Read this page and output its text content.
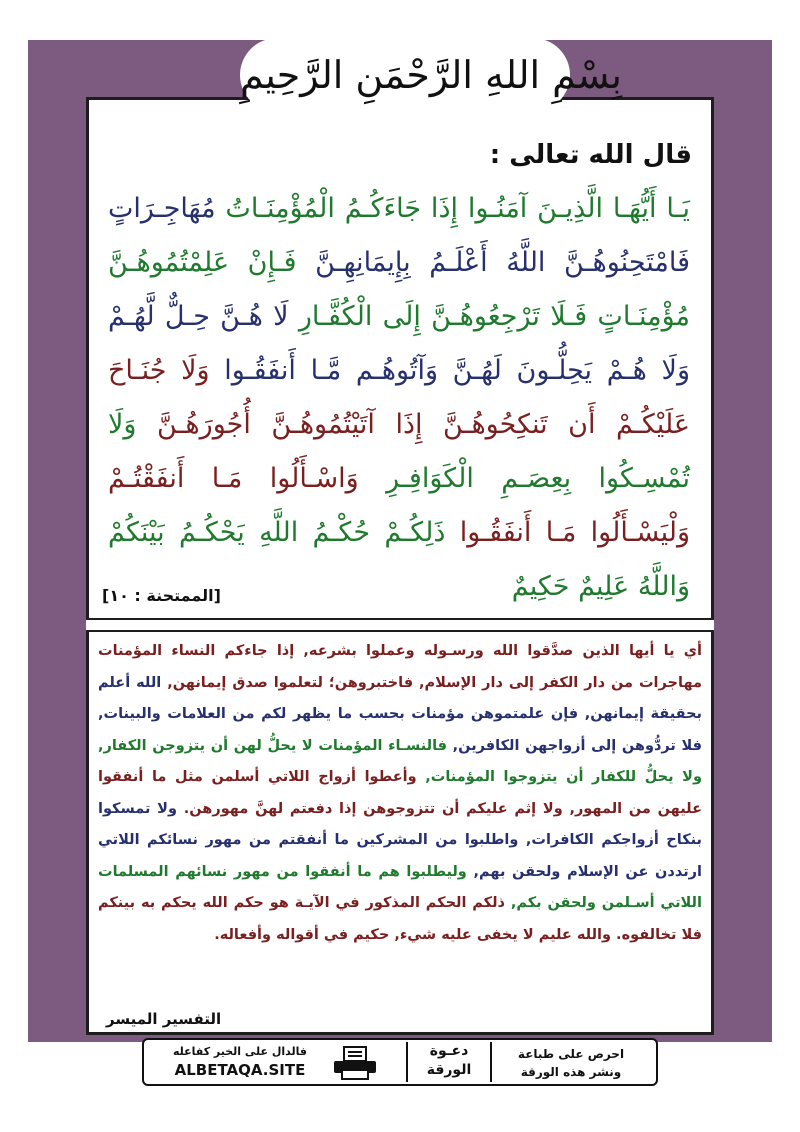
بِسْمِ اللهِ الرَّحْمَنِ الرَّحِيمِ
قال الله تعالى :
يَـا أَيُّهَـا الَّذِيـنَ آمَنُـوا إِذَا جَاءَكُـمُ الْمُؤْمِنَـاتُ مُهَاجِـرَاتٍ فَامْتَحِنُوهُـنَّ اللَّهُ أَعْلَـمُ بِإِيمَانِهِـنَّ فَـإِنْ عَلِمْتُمُوهُـنَّ مُؤْمِنَـاتٍ فَـلَا تَرْجِعُوهُـنَّ إِلَى الْكُفَّـارِ لَا هُـنَّ حِـلٌّ لَّهُـمْ وَلَا هُـمْ يَحِلُّـونَ لَهُـنَّ وَآتُوهُـم مَّـا أَنفَقُـوا وَلَا جُنَـاحَ عَلَيْكُـمْ أَن تَنكِحُوهُـنَّ إِذَا آتَيْتُمُوهُـنَّ أُجُورَهُـنَّ وَلَا تُمْسِـكُوا بِعِصَـمِ الْكَوَافِـرِ وَاسْـأَلُوا مَـا أَنفَقْتُـمْ وَلْيَسْـأَلُوا مَـا أَنفَقُـوا ذَلِكُـمْ حُكْـمُ اللَّهِ يَحْكُـمُ بَيْنَكُمْ وَاللَّهُ عَلِيمٌ حَكِيمٌ
[الممتحنة : ١٠]
أي يا أيها الذين صدَّقوا الله ورسـوله وعملوا بشرعه, إذا جاءكم النساء المؤمنات مهاجرات من دار الكفر إلى دار الإسلام, فاختبروهن؛ لتعلموا صدق إيمانهن, الله أعلم بحقيقة إيمانهن, فإن علمتموهن مؤمنات بحسب ما يظهر لكم من العلامات والبينات, فلا تردُّوهن إلى أزواجهن الكافرين, فالنسـاء المؤمنات لا يحلُّ لهن أن يتزوجن الكفار, ولا يحلُّ للكفار أن يتزوجوا المؤمنات, وأعطوا أزواج اللاتي أسلمن مثل ما أنفقوا عليهن من المهور, ولا إثم عليكم أن تتزوجوهن إذا دفعتم لهنَّ مهورهن. ولا تمسكوا بنكاح أزواجكم الكافرات, واطلبوا من المشركين ما أنفقتم من مهور نسائكم اللاتي ارتددن عن الإسلام ولحقن بهم, وليطلبوا هم ما أنفقوا من مهور نسائهم المسلمات اللاتي أسـلمن ولحقن بكم, ذلكم الحكم المذكور في الآيـة هو حكم الله يحكم به بينكم فلا تخالفوه. والله عليم لا يخفى عليه شيء, حكيم في أقواله وأفعاله.
التفسير الميسر
فالدال على الخير كفاعله
ALBETAQA.SITE
دعـوة
الورقة
احرص على طباعة
ونشر هذه الورقة
